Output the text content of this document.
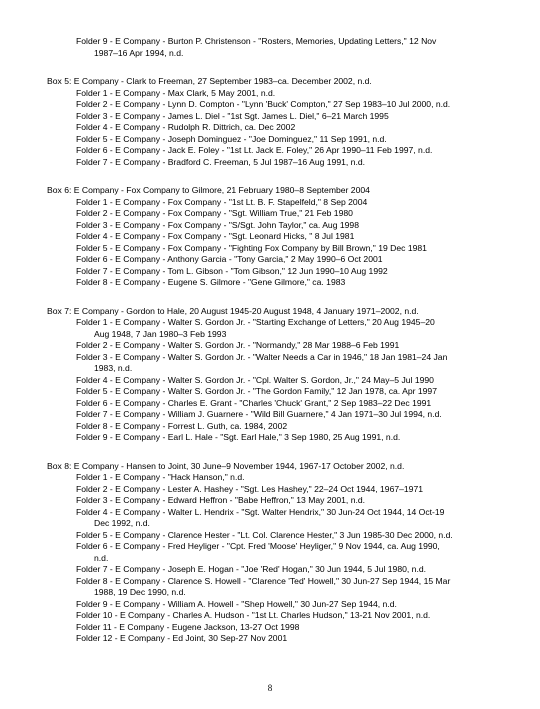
Folder 9 - E Company - Burton P. Christenson - "Rosters, Memories, Updating Letters," 12 Nov
1987–16 Apr 1994, n.d.
Box 5: E Company - Clark to Freeman, 27 September 1983–ca. December 2002, n.d.
Folder 1 - E Company - Max Clark, 5 May 2001, n.d.
Folder 2 - E Company - Lynn D. Compton - "Lynn 'Buck' Compton," 27 Sep 1983–10 Jul 2000, n.d.
Folder 3 - E Company - James L. Diel - "1st Sgt. James L. Diel," 6–21 March 1995
Folder 4 - E Company - Rudolph R. Dittrich, ca. Dec 2002
Folder 5 - E Company - Joseph Dominguez - "Joe Dominguez," 11 Sep 1991, n.d.
Folder 6 - E Company - Jack E. Foley - "1st Lt. Jack E. Foley," 26 Apr 1990–11 Feb 1997, n.d.
Folder 7 - E Company - Bradford C. Freeman, 5 Jul 1987–16 Aug 1991, n.d.
Box 6: E Company - Fox Company to Gilmore, 21 February 1980–8 September 2004
Folder 1 - E Company - Fox Company - "1st Lt. B. F. Stapelfeld," 8 Sep 2004
Folder 2 - E Company - Fox Company - "Sgt. William True," 21 Feb 1980
Folder 3 - E Company - Fox Company - "S/Sgt. John Taylor," ca. Aug 1998
Folder 4 - E Company - Fox Company - "Sgt. Leonard Hicks, " 8 Jul 1981
Folder 5 - E Company - Fox Company - "Fighting Fox Company by Bill Brown," 19 Dec 1981
Folder 6 - E Company - Anthony Garcia - "Tony Garcia," 2 May 1990–6 Oct 2001
Folder 7 - E Company - Tom L. Gibson - "Tom Gibson," 12 Jun 1990–10 Aug 1992
Folder 8 - E Company - Eugene S. Gilmore - "Gene Gilmore," ca. 1983
Box 7: E Company - Gordon to Hale, 20 August 1945-20 August 1948, 4 January 1971–2002, n.d.
Folder 1 - E Company - Walter S. Gordon Jr. - "Starting Exchange of Letters," 20 Aug 1945–20
Aug 1948, 7 Jan 1980–3 Feb 1993
Folder 2 - E Company - Walter S. Gordon Jr. - "Normandy," 28 Mar 1988–6 Feb 1991
Folder 3 - E Company - Walter S. Gordon Jr. - "Walter Needs a Car in 1946," 18 Jan 1981–24 Jan
1983, n.d.
Folder 4 - E Company - Walter S. Gordon Jr. - "Cpl. Walter S. Gordon, Jr.," 24 May–5 Jul 1990
Folder 5 - E Company - Walter S. Gordon Jr. - "The Gordon Family," 12 Jan 1978, ca. Apr 1997
Folder 6 - E Company - Charles E. Grant - "Charles 'Chuck' Grant," 2 Sep 1983–22 Dec 1991
Folder 7 - E Company - William J. Guarnere - "Wild Bill Guarnere," 4 Jan 1971–30 Jul 1994, n.d.
Folder 8 - E Company - Forrest L. Guth, ca. 1984, 2002
Folder 9 - E Company - Earl L. Hale - "Sgt. Earl Hale," 3 Sep 1980, 25 Aug 1991, n.d.
Box 8: E Company - Hansen to Joint, 30 June–9 November 1944, 1967-17 October 2002, n.d.
Folder 1 - E Company - "Hack Hanson," n.d.
Folder 2 - E Company - Lester A. Hashey - "Sgt. Les Hashey," 22–24 Oct 1944, 1967–1971
Folder 3 - E Company - Edward Heffron - "Babe Heffron," 13 May 2001, n.d.
Folder 4 - E Company - Walter L. Hendrix - "Sgt. Walter Hendrix," 30 Jun-24 Oct 1944, 14 Oct-19
Dec 1992, n.d.
Folder 5 - E Company - Clarence Hester - "Lt. Col. Clarence Hester," 3 Jun 1985-30 Dec 2000, n.d.
Folder 6 - E Company - Fred Heyliger - "Cpt. Fred 'Moose' Heyliger," 9 Nov 1944, ca. Aug 1990,
n.d.
Folder 7 - E Company - Joseph E. Hogan - "Joe 'Red' Hogan," 30 Jun 1944, 5 Jul 1980, n.d.
Folder 8 - E Company - Clarence S. Howell - "Clarence 'Ted' Howell," 30 Jun-27 Sep 1944, 15 Mar
1988, 19 Dec 1990, n.d.
Folder 9 - E Company - William A. Howell - "Shep Howell," 30 Jun-27 Sep 1944, n.d.
Folder 10 - E Company - Charles A. Hudson - "1st Lt. Charles Hudson," 13-21 Nov 2001, n.d.
Folder 11 - E Company - Eugene Jackson, 13-27 Oct 1998
Folder 12 - E Company - Ed Joint, 30 Sep-27 Nov 2001
8
